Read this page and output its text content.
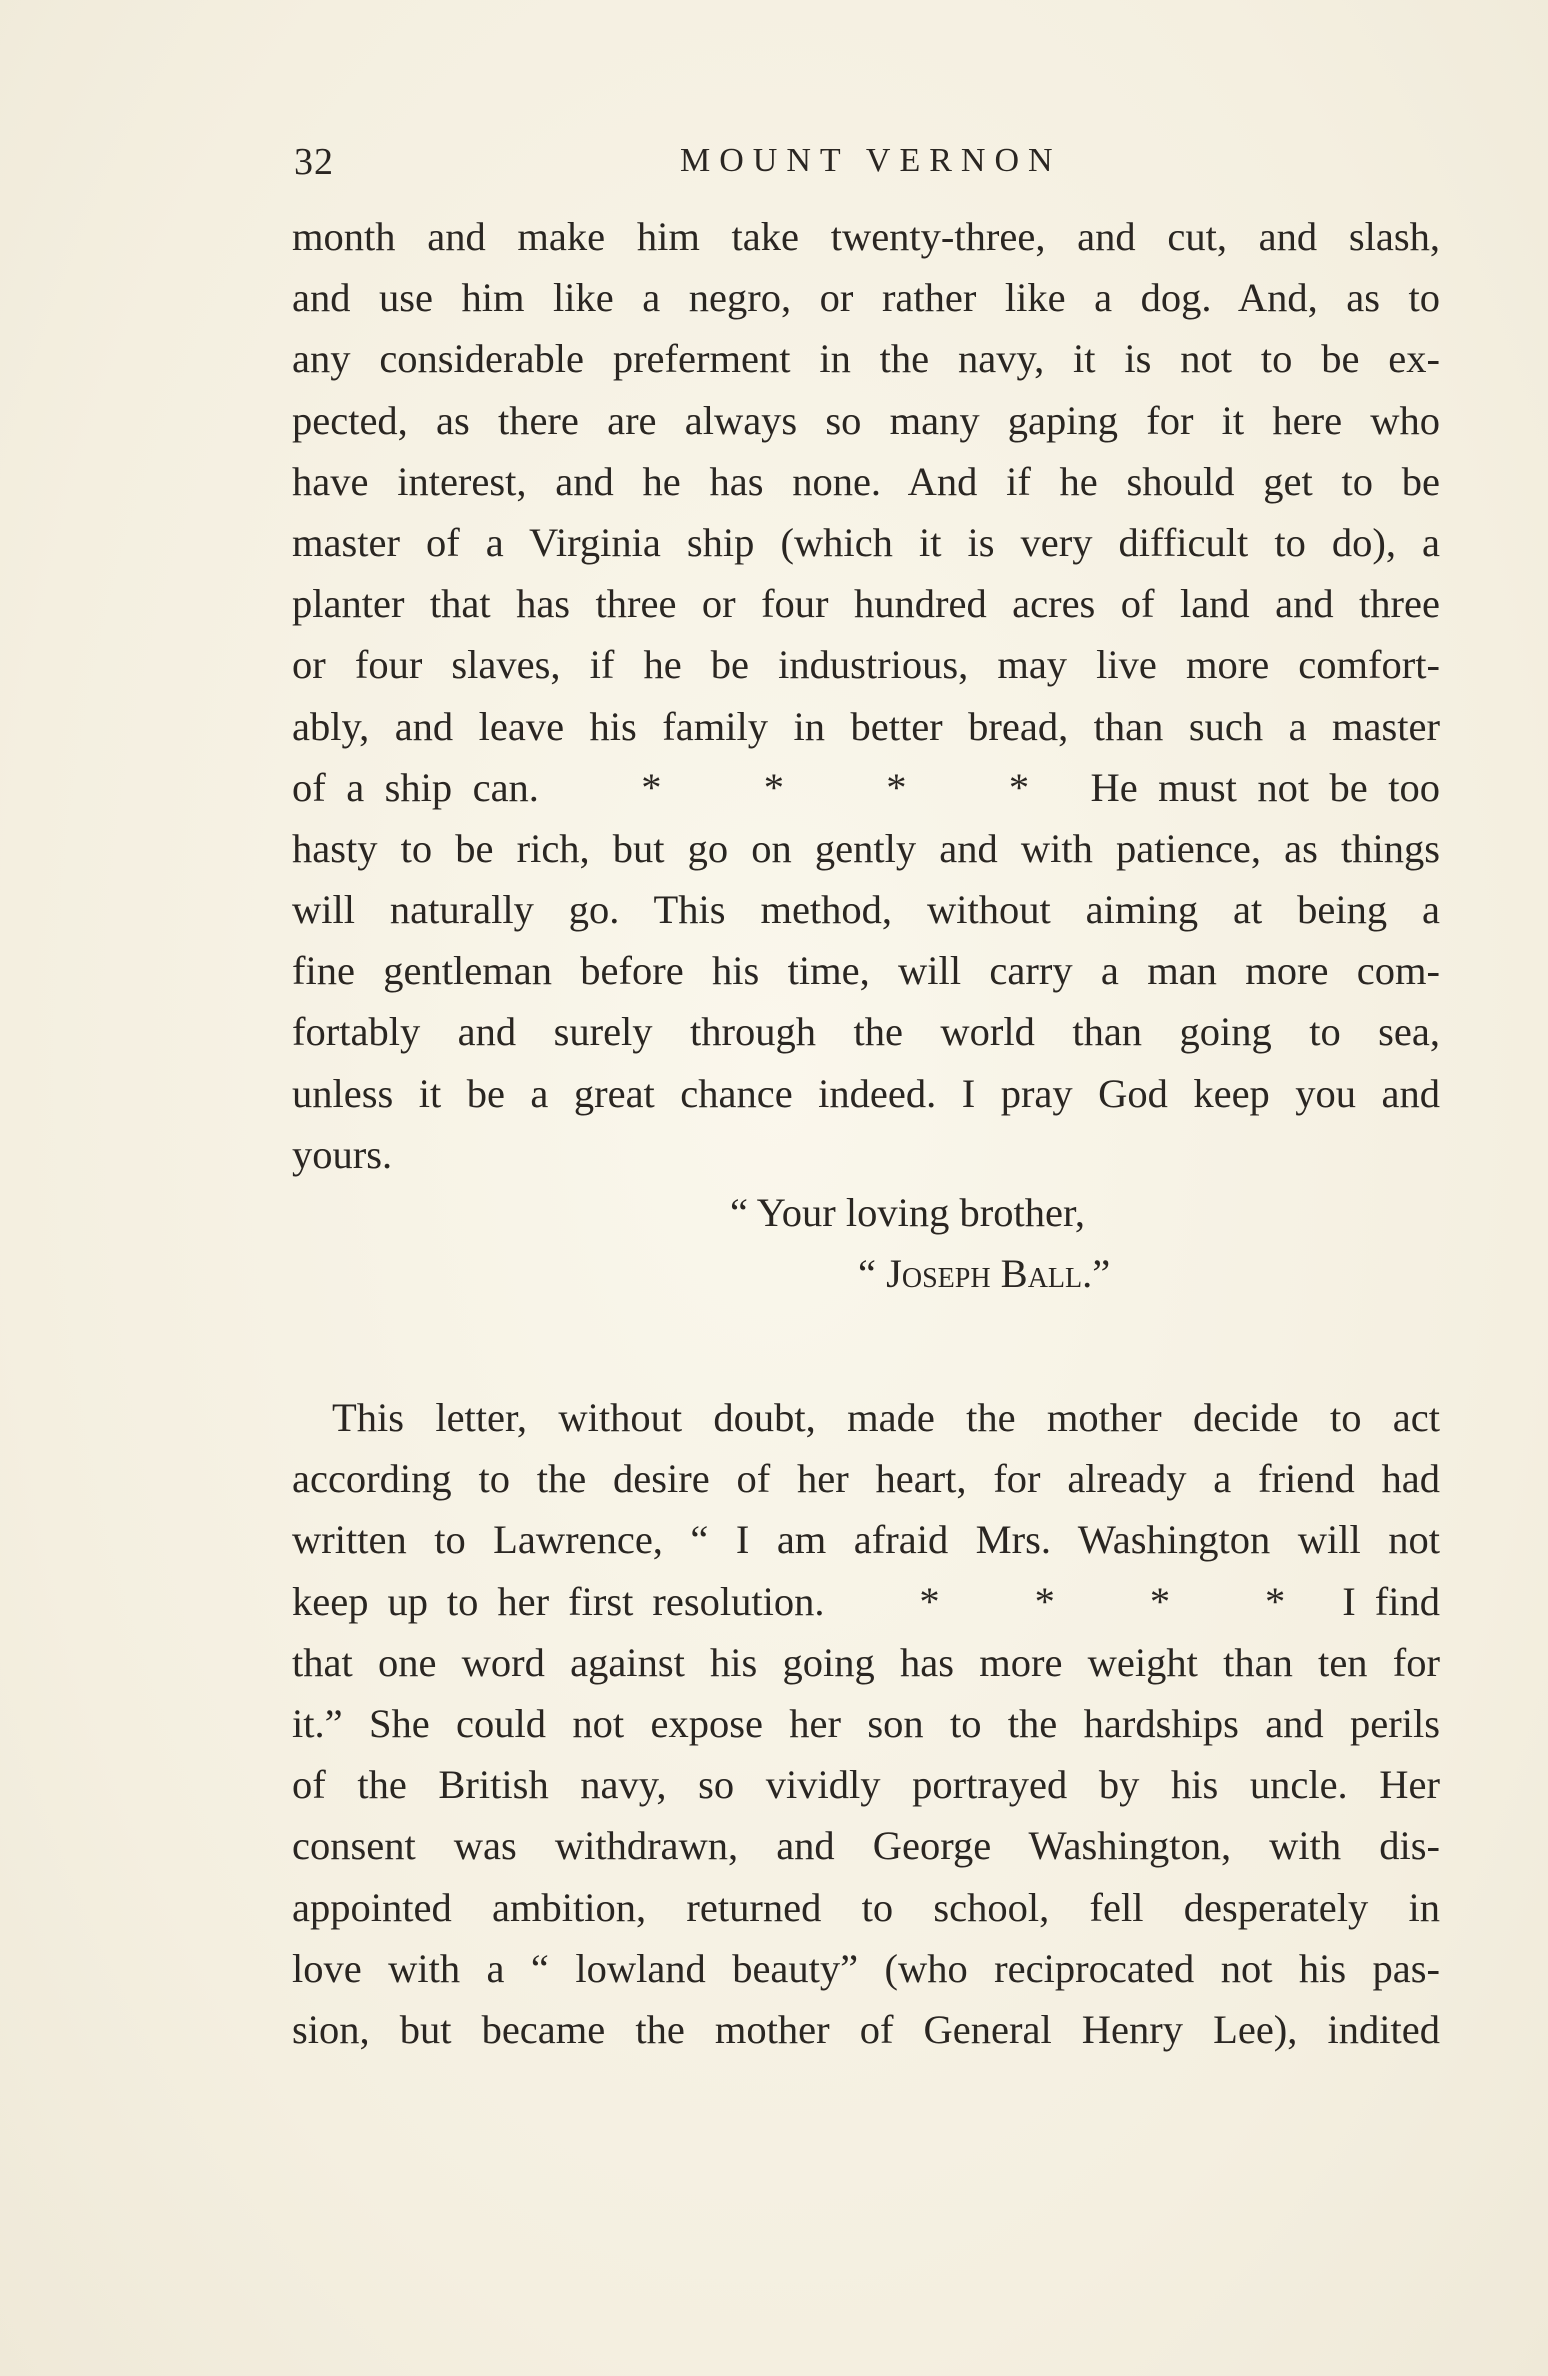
32	MOUNT VERNON
month and make him take twenty-three, and cut, and slash,
and use him like a negro, or rather like a dog. And, as to
any considerable preferment in the navy, it is not to be ex-
pected, as there are always so many gaping for it here who
have interest, and he has none. And if he should get to be
master of a Virginia ship (which it is very difficult to do), a
planter that has three or four hundred acres of land and three
or four slaves, if he be industrious, may live more comfort-
ably, and leave his family in better bread, than such a master
of a ship can.     *     *     *     *   He must not be too
hasty to be rich, but go on gently and with patience, as things
will naturally go. This method, without aiming at being a
fine gentleman before his time, will carry a man more com-
fortably and surely through the world than going to sea,
unless it be a great chance indeed. I pray God keep you and
yours.
“ Your loving brother,
“ Joseph Ball.”
This letter, without doubt, made the mother decide to act
according to the desire of her heart, for already a friend had
written to Lawrence, “ I am afraid Mrs. Washington will not
keep up to her first resolution.     *     *     *     *   I find
that one word against his going has more weight than ten for
it.” She could not expose her son to the hardships and perils
of the British navy, so vividly portrayed by his uncle. Her
consent was withdrawn, and George Washington, with dis-
appointed ambition, returned to school, fell desperately in
love with a “ lowland beauty” (who reciprocated not his pas-
sion, but became the mother of General Henry Lee), indited
